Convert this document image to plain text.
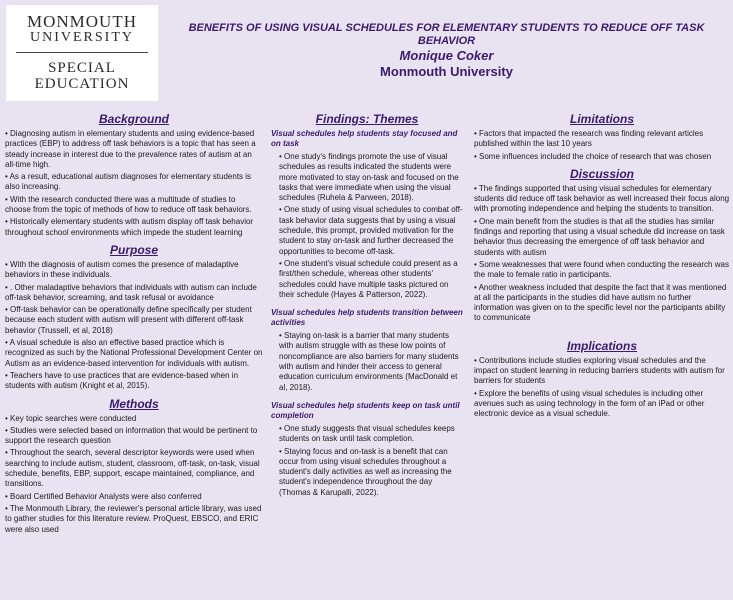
MONMOUTH
UNIVERSITY
SPECIAL EDUCATION
BENEFITS OF USING VISUAL SCHEDULES FOR ELEMENTARY STUDENTS TO REDUCE OFF TASK BEHAVIOR
Monique Coker
Monmouth University
Background

• Diagnosing autism in elementary students and using evidence-based practices (EBP) to address off task behaviors is a topic that has seen a steady increase in interest due to the prevalence rates of autism at an all-time high.

• As a result, educational autism diagnoses for elementary students is also increasing.

• With the research conducted there was a multitude of studies to choose from the topic of methods of how to reduce off task behaviors.

• Historically elementary students with autism display off task behavior throughout school environments which impede the student learning

Purpose

• With the diagnosis of autism comes the presence of maladaptive behaviors in these individuals.

• . Other maladaptive behaviors that individuals with autism can include off-task behavior, screaming, and task refusal or avoidance

• Off-task behavior can be operationally define specifically per student because each student with autism will present with different off-task behavior (Trussell, et al, 2018)

• A visual schedule is also an effective based practice which is recognized as such by the National Professional Development Center on Autism as an evidence-based intervention for individuals with autism.

• Teachers have to use practices that are evidence-based when in students with autism (Knight et al, 2015).

Methods

• Key topic searches were conducted

• Studies were selected based on information that would be pertinent to support the research question

• Throughout the search, several descriptor keywords were used when searching to include autism, student, classroom, off-task, on-task, visual schedule, benefits, EBP, support, escape maintained, compliance, and transitions.

• Board Certified Behavior Analysts were also conferred

• The Monmouth Library, the reviewer's personal article library, was used to gather studies for this literature review. ProQuest, EBSCO, and ERIC were also used

Findings: Themes
Visual schedules help students stay focused and on task

• One study's findings promote the use of visual schedules as results indicated the students were more motivated to stay on-task and focused on the tasks that were immediate when using the visual schedules (Ruhela & Parween, 2018).

• One study of using visual schedules to combat off-task behavior data suggests that by using a visual schedule, this prompt, provided motivation for the student to stay on-task and further decreased the opportunities to become off-task.

• One student's visual schedule could present as a first/then schedule, whereas other students' schedules could have multiple tasks pictured on their schedule (Hayes & Patterson, 2022).

Visual schedules help students transition between activities

• Staying on-task is a barrier that many students with autism struggle with as these low points of noncompliance are also barriers for many students with autism and hinder their access to general education curriculum environments (MacDonald et al, 2018).

Visual schedules help students keep on task until completion

• One study suggests that visual schedules keeps students on task until task completion.

• Staying focus and on-task is a benefit that can occur from using visual schedules throughout a student's daily activities as well as increasing the student's independence throughout the day (Thomas & Karupalli, 2022).

Limitations

• Factors that impacted the research was finding relevant articles published within the last 10 years

• Some influences included the choice of research that was chosen

Discussion

• The findings supported that using visual schedules for elementary students did reduce off task behavior as well increased their focus along with promoting independence and helping the students to transition.

• One main benefit from the studies is that all the studies has similar findings and reporting that using a visual schedule did increase on task behavior thus decreasing the emergence of off task behavior and students with autism

• Some weaknesses that were found when conducting the research was the male to female ratio in participants.

• Another weakness included that despite the fact that it was mentioned at all the participants in the studies did have autism no further information was given on to the specific level nor the participants ability to communicate

Implications

• Contributions include studies exploring visual schedules and the impact on student learning in reducing barriers students with autism for barriers for students

• Explore the benefits of using visual schedules is including other avenues such as using technology in the form of an iPad or other electronic device as a visual schedule.
